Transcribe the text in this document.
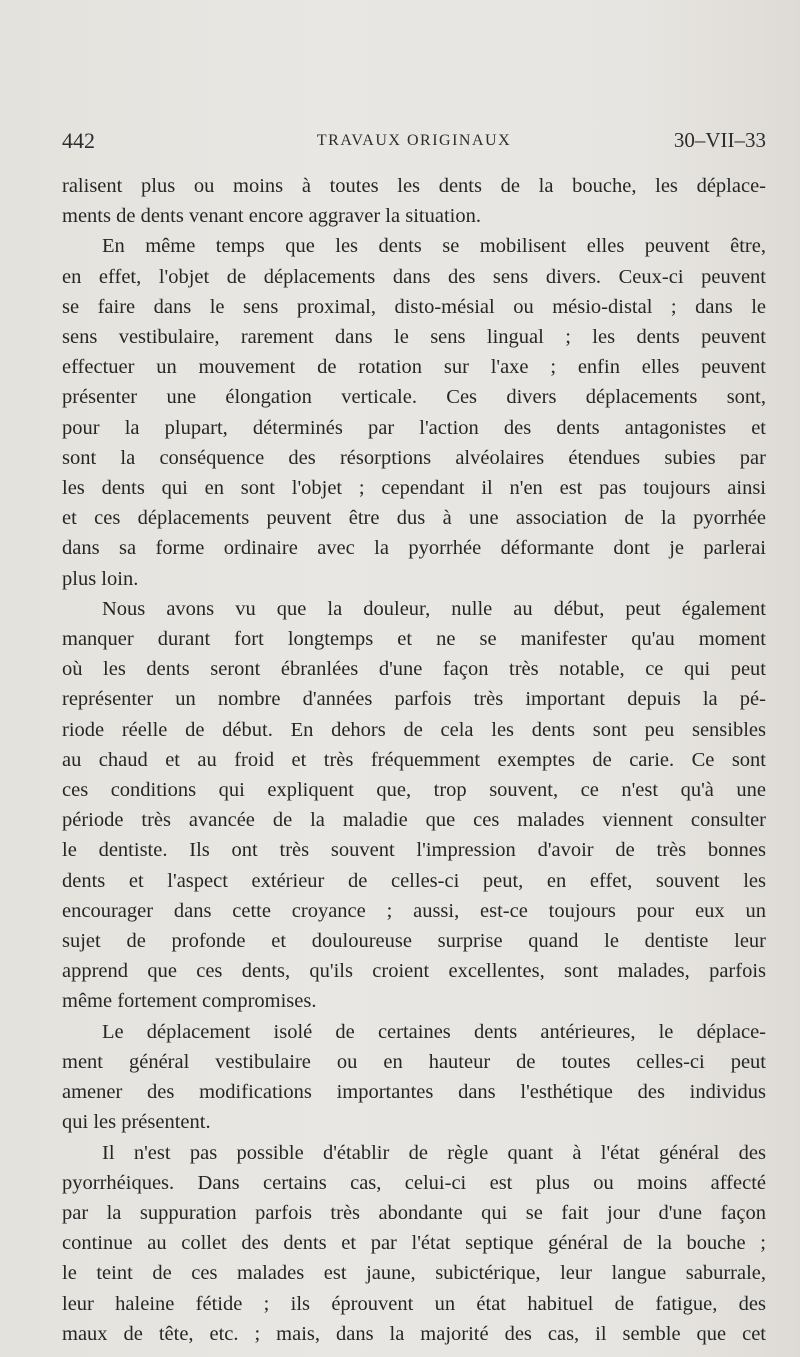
442	TRAVAUX ORIGINAUX	30–VII–33

ralisent plus ou moins à toutes les dents de la bouche, les déplace-

ments de dents venant encore aggraver la situation.

En même temps que les dents se mobilisent elles peuvent être,

en effet, l'objet de déplacements dans des sens divers. Ceux-ci peuvent

se faire dans le sens proximal, disto-mésial ou mésio-distal ; dans le

sens vestibulaire, rarement dans le sens lingual ; les dents peuvent

effectuer un mouvement de rotation sur l'axe ; enfin elles peuvent

présenter une élongation verticale. Ces divers déplacements sont,

pour la plupart, déterminés par l'action des dents antagonistes et

sont la conséquence des résorptions alvéolaires étendues subies par

les dents qui en sont l'objet ; cependant il n'en est pas toujours ainsi

et ces déplacements peuvent être dus à une association de la pyorrhée

dans sa forme ordinaire avec la pyorrhée déformante dont je parlerai

plus loin.

Nous avons vu que la douleur, nulle au début, peut également

manquer durant fort longtemps et ne se manifester qu'au moment

où les dents seront ébranlées d'une façon très notable, ce qui peut

représenter un nombre d'années parfois très important depuis la pé-

riode réelle de début. En dehors de cela les dents sont peu sensibles

au chaud et au froid et très fréquemment exemptes de carie. Ce sont

ces conditions qui expliquent que, trop souvent, ce n'est qu'à une

période très avancée de la maladie que ces malades viennent consulter

le dentiste. Ils ont très souvent l'impression d'avoir de très bonnes

dents et l'aspect extérieur de celles-ci peut, en effet, souvent les

encourager dans cette croyance ; aussi, est-ce toujours pour eux un

sujet de profonde et douloureuse surprise quand le dentiste leur

apprend que ces dents, qu'ils croient excellentes, sont malades, parfois

même fortement compromises.

Le déplacement isolé de certaines dents antérieures, le déplace-

ment général vestibulaire ou en hauteur de toutes celles-ci peut

amener des modifications importantes dans l'esthétique des individus

qui les présentent.

Il n'est pas possible d'établir de règle quant à l'état général des

pyorrhéiques. Dans certains cas, celui-ci est plus ou moins affecté

par la suppuration parfois très abondante qui se fait jour d'une façon

continue au collet des dents et par l'état septique général de la bouche ;

le teint de ces malades est jaune, subictérique, leur langue saburrale,

leur haleine fétide ; ils éprouvent un état habituel de fatigue, des

maux de tête, etc. ; mais, dans la majorité des cas, il semble que cet
